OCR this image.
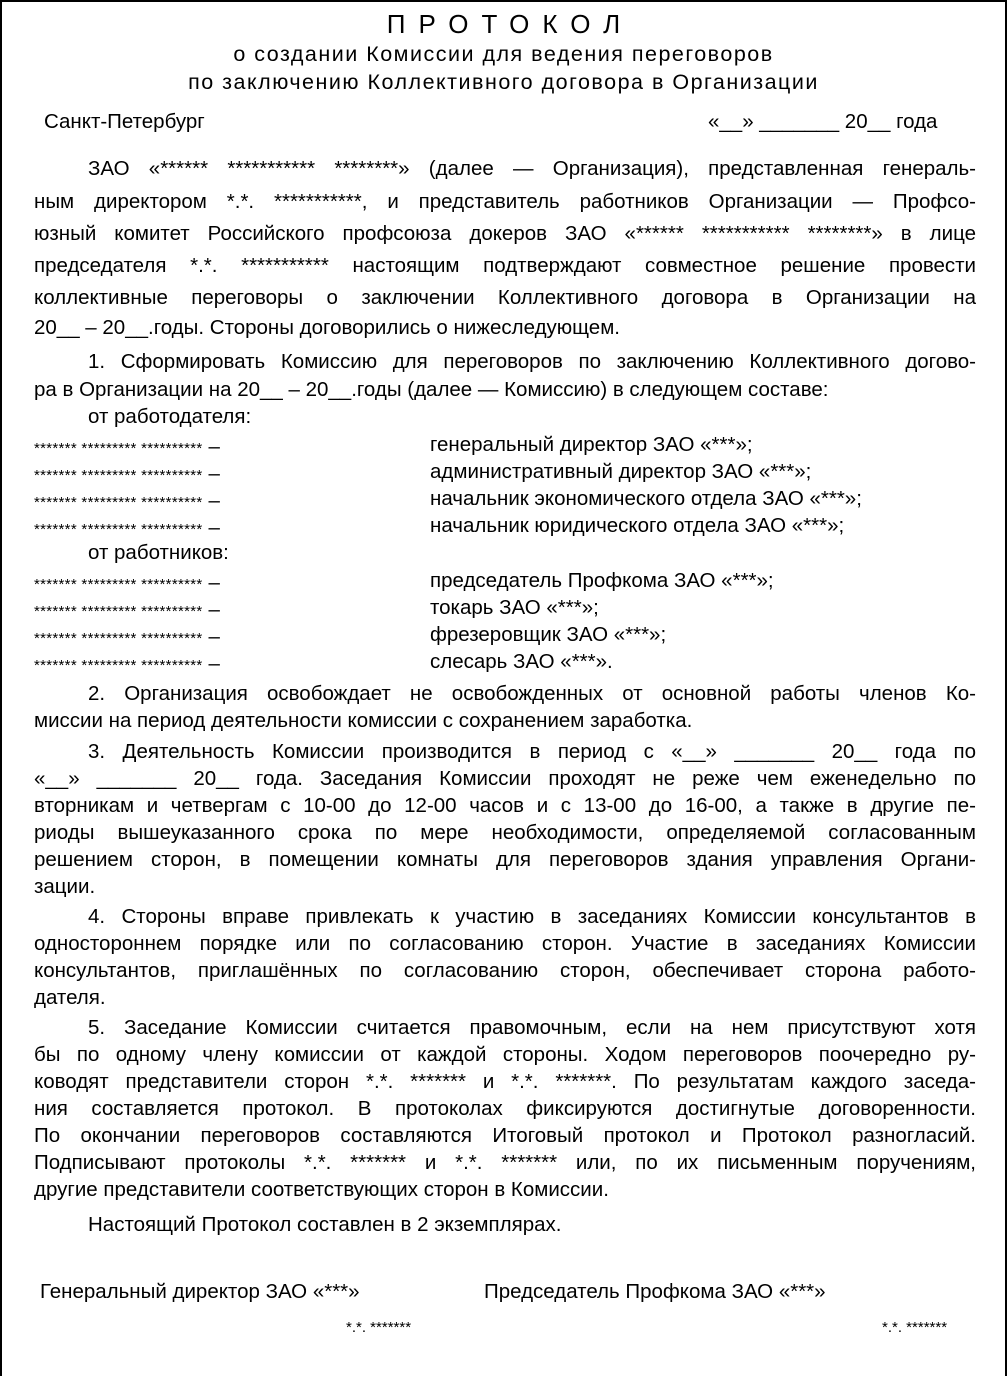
ПРОТОКОЛ
о создании Комиссии для ведения переговоров
по заключению Коллективного договора в Организации
Санкт-Петербург	«__» _______ 20__ года
ЗАО «****** *********** ********» (далее — Организация), представленная генераль-
ным директором *.*. ***********, и представитель работников Организации — Профсо-
юзный комитет Российского профсоюза докеров ЗАО «****** *********** ********» в лице
председателя *.*. *********** настоящим подтверждают совместное решение провести
коллективные переговоры о заключении Коллективного договора в Организации на
20__ – 20__.годы. Стороны договорились о нижеследующем.
1. Сформировать Комиссию для переговоров по заключению Коллективного догово-
ра в Организации на 20__ – 20__.годы (далее — Комиссию) в следующем составе:
от работодателя:
******* ********* ********** –	генеральный директор ЗАО «***»;
******* ********* ********** –	административный директор ЗАО «***»;
******* ********* ********** –	начальник экономического отдела ЗАО «***»;
******* ********* ********** –	начальник юридического отдела ЗАО «***»;
от работников:
******* ********* ********** –	председатель Профкома ЗАО «***»;
******* ********* ********** –	токарь ЗАО «***»;
******* ********* ********** –	фрезеровщик ЗАО «***»;
******* ********* ********** –	слесарь ЗАО «***».
2. Организация освобождает не освобожденных от основной работы членов Ко-
миссии на период деятельности комиссии с сохранением заработка.
3. Деятельность Комиссии производится в период с «__» _______ 20__ года по
«__» _______ 20__ года. Заседания Комиссии проходят не реже чем еженедельно по
вторникам и четвергам с 10-00 до 12-00 часов и с 13-00 до 16-00, а также в другие пе-
риоды вышеуказанного срока по мере необходимости, определяемой согласованным
решением сторон, в помещении комнаты для переговоров здания управления Органи-
зации.
4. Стороны вправе привлекать к участию в заседаниях Комиссии консультантов в
одностороннем порядке или по согласованию сторон. Участие в заседаниях Комиссии
консультантов, приглашённых по согласованию сторон, обеспечивает сторона работо-
дателя.
5. Заседание Комиссии считается правомочным, если на нем присутствуют хотя
бы по одному члену комиссии от каждой стороны. Ходом переговоров поочередно ру-
ководят представители сторон *.*. ******* и *.*. *******. По результатам каждого заседа-
ния составляется протокол. В протоколах фиксируются достигнутые договоренности.
По окончании переговоров составляются Итоговый протокол и Протокол разногласий.
Подписывают протоколы *.*. ******* и *.*. ******* или, по их письменным поручениям,
другие представители соответствующих сторон в Комиссии.
Настоящий Протокол составлен в 2 экземплярах.
Генеральный директор ЗАО «***»	Председатель Профкома ЗАО «***»
*.*. *******	*.*. *******
